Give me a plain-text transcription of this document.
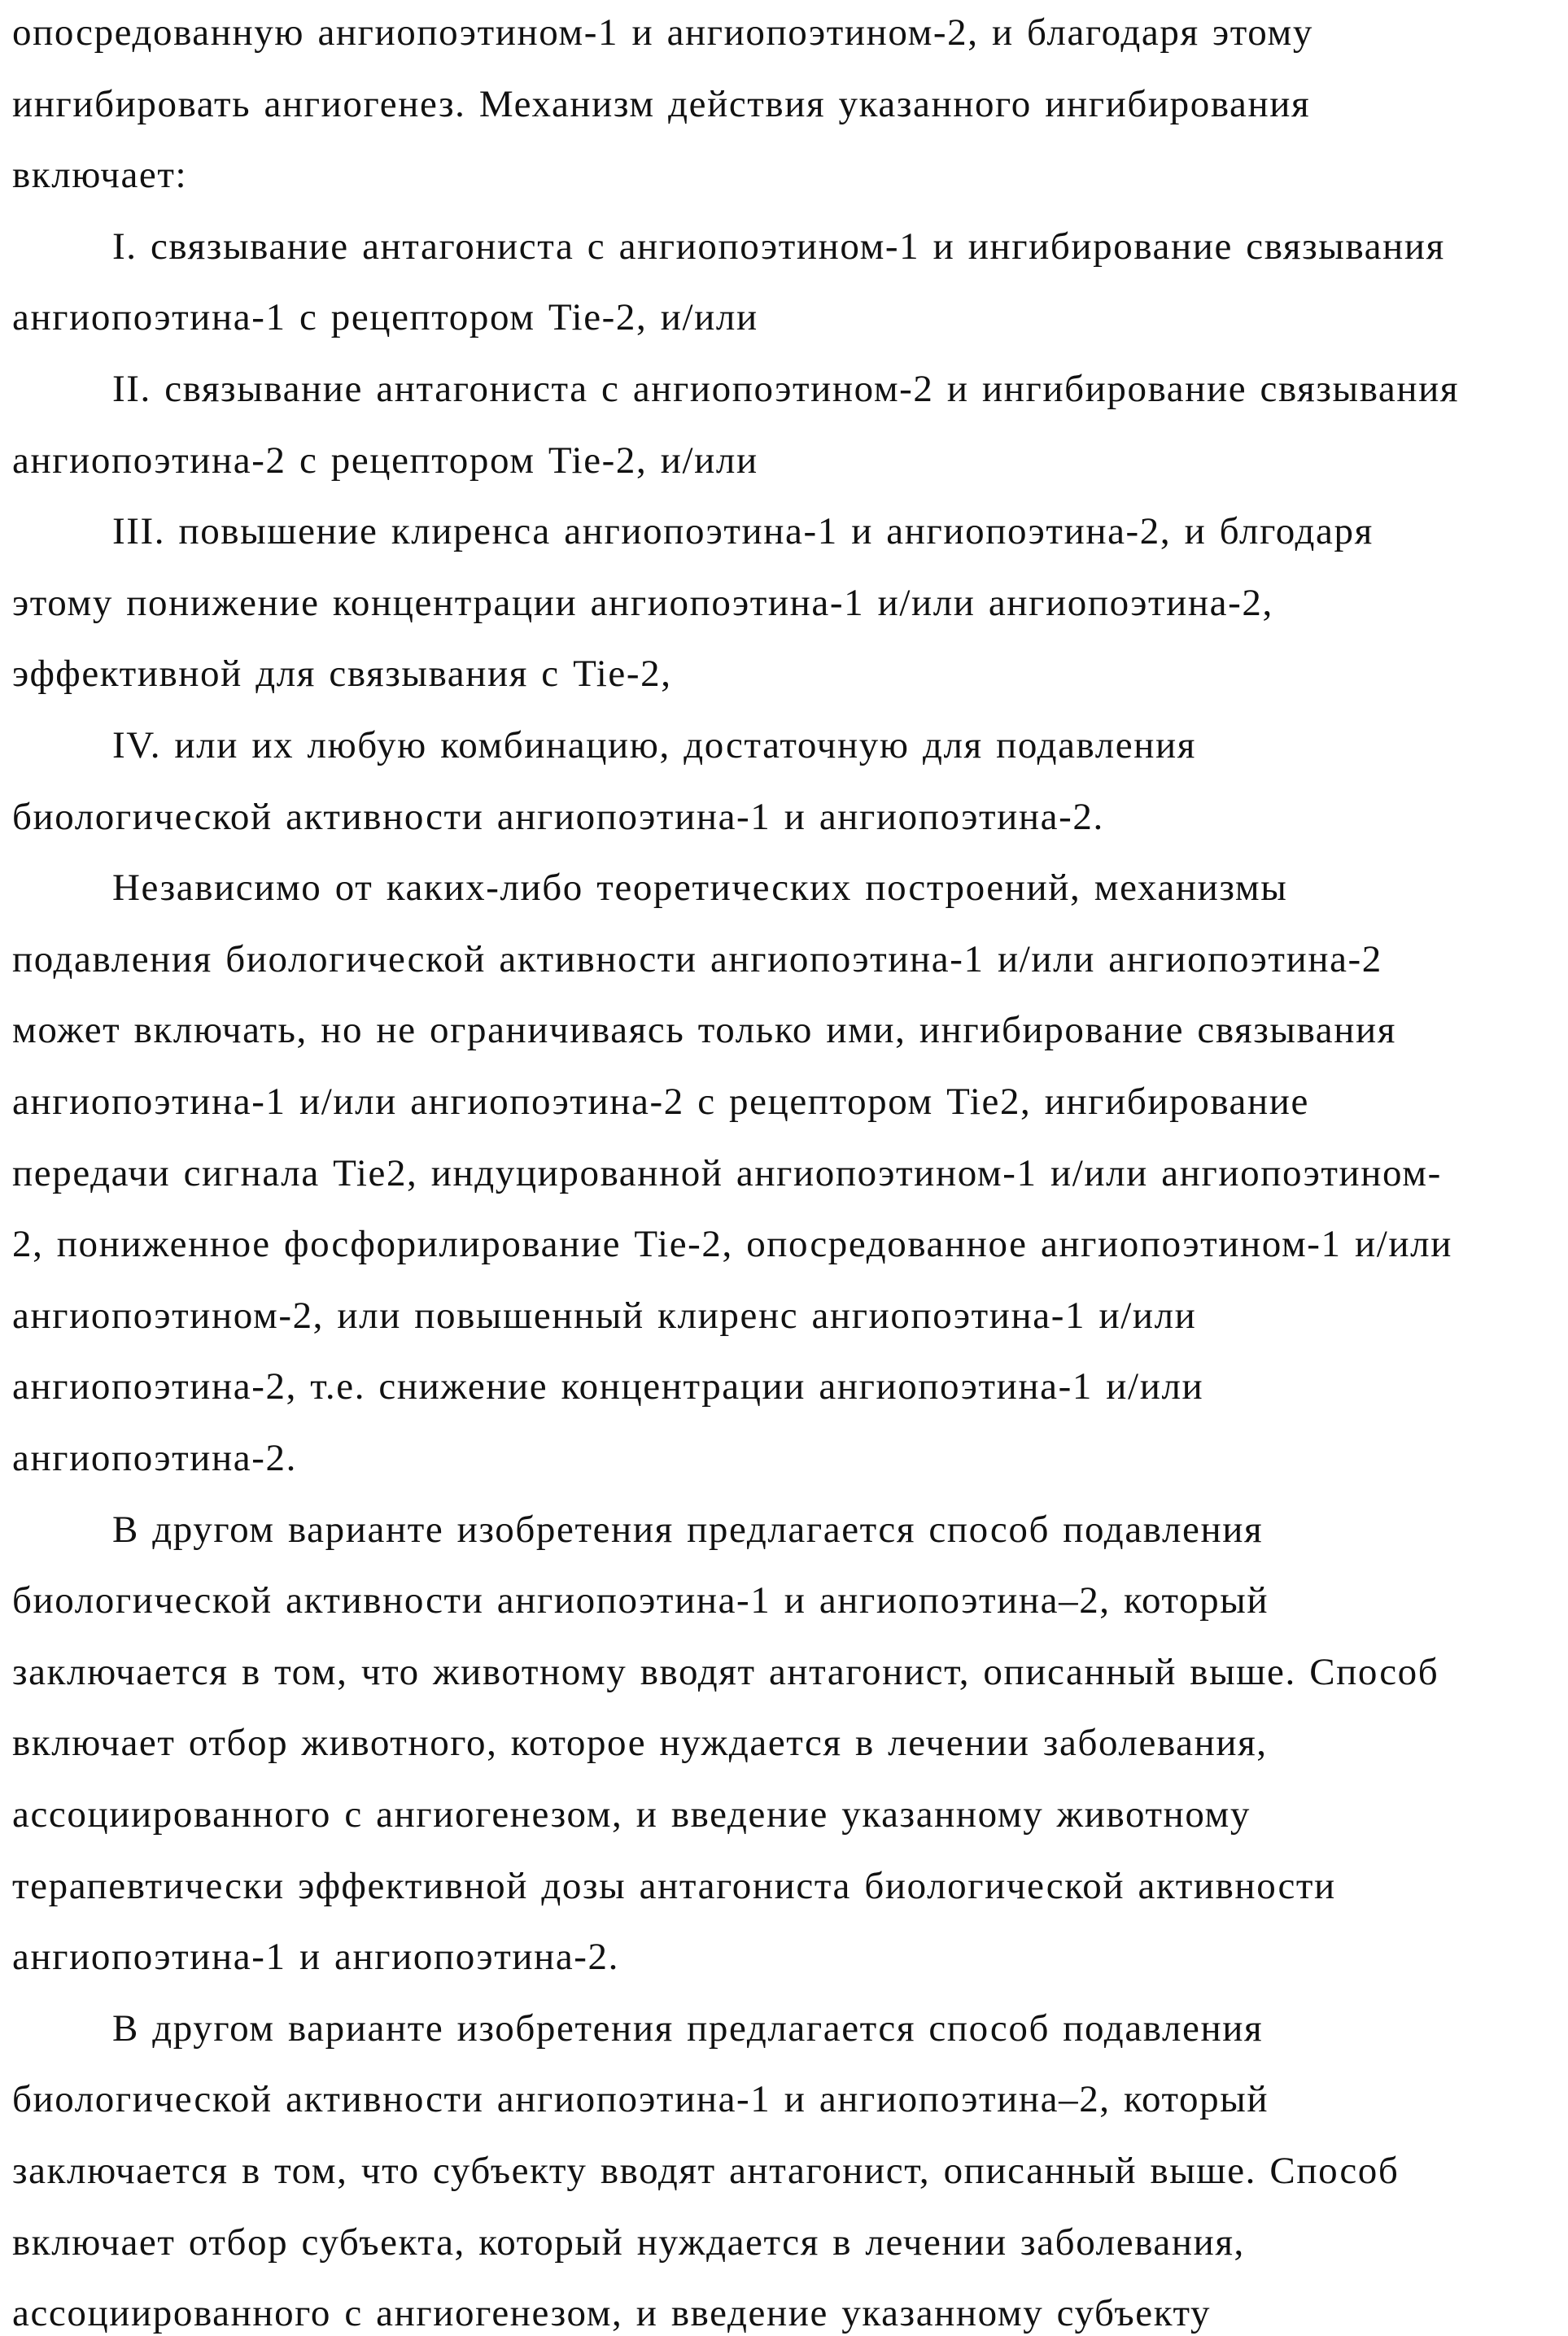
опосредованную ангиопоэтином-1 и ангиопоэтином-2, и благодаря этому
ингибировать ангиогенез. Механизм действия указанного ингибирования
включает:
I. связывание антагониста с ангиопоэтином-1 и ингибирование связывания
ангиопоэтина-1 с рецептором Tie-2, и/или
II. связывание антагониста с ангиопоэтином-2 и ингибирование связывания
ангиопоэтина-2 с рецептором Tie-2, и/или
III. повышение клиренса ангиопоэтина-1 и ангиопоэтина-2, и блгодаря
этому понижение концентрации ангиопоэтина-1 и/или ангиопоэтина-2,
эффективной для связывания с Tie-2,
IV. или их любую комбинацию, достаточную для подавления
биологической активности ангиопоэтина-1 и ангиопоэтина-2.
Независимо от каких-либо теоретических построений, механизмы
подавления биологической активности ангиопоэтина-1 и/или ангиопоэтина-2
может включать, но не ограничиваясь только ими, ингибирование связывания
ангиопоэтина-1 и/или ангиопоэтина-2 с рецептором Tie2, ингибирование
передачи сигнала Tie2, индуцированной ангиопоэтином-1 и/или ангиопоэтином-
2, пониженное фосфорилирование Tie-2, опосредованное ангиопоэтином-1 и/или
ангиопоэтином-2, или повышенный клиренс ангиопоэтина-1 и/или
ангиопоэтина-2, т.е. снижение концентрации ангиопоэтина-1 и/или
ангиопоэтина-2.
В другом варианте изобретения предлагается способ подавления
биологической активности ангиопоэтина-1 и ангиопоэтина–2, который
заключается в том, что животному вводят антагонист, описанный выше. Способ
включает отбор животного, которое нуждается в лечении заболевания,
ассоциированного с ангиогенезом, и введение указанному животному
терапевтически эффективной дозы антагониста биологической активности
ангиопоэтина-1 и ангиопоэтина-2.
В другом варианте изобретения предлагается способ подавления
биологической активности ангиопоэтина-1 и ангиопоэтина–2, который
заключается в том, что субъекту вводят антагонист, описанный выше. Способ
включает отбор субъекта, который нуждается в лечении заболевания,
ассоциированного с ангиогенезом, и введение указанному субъекту
